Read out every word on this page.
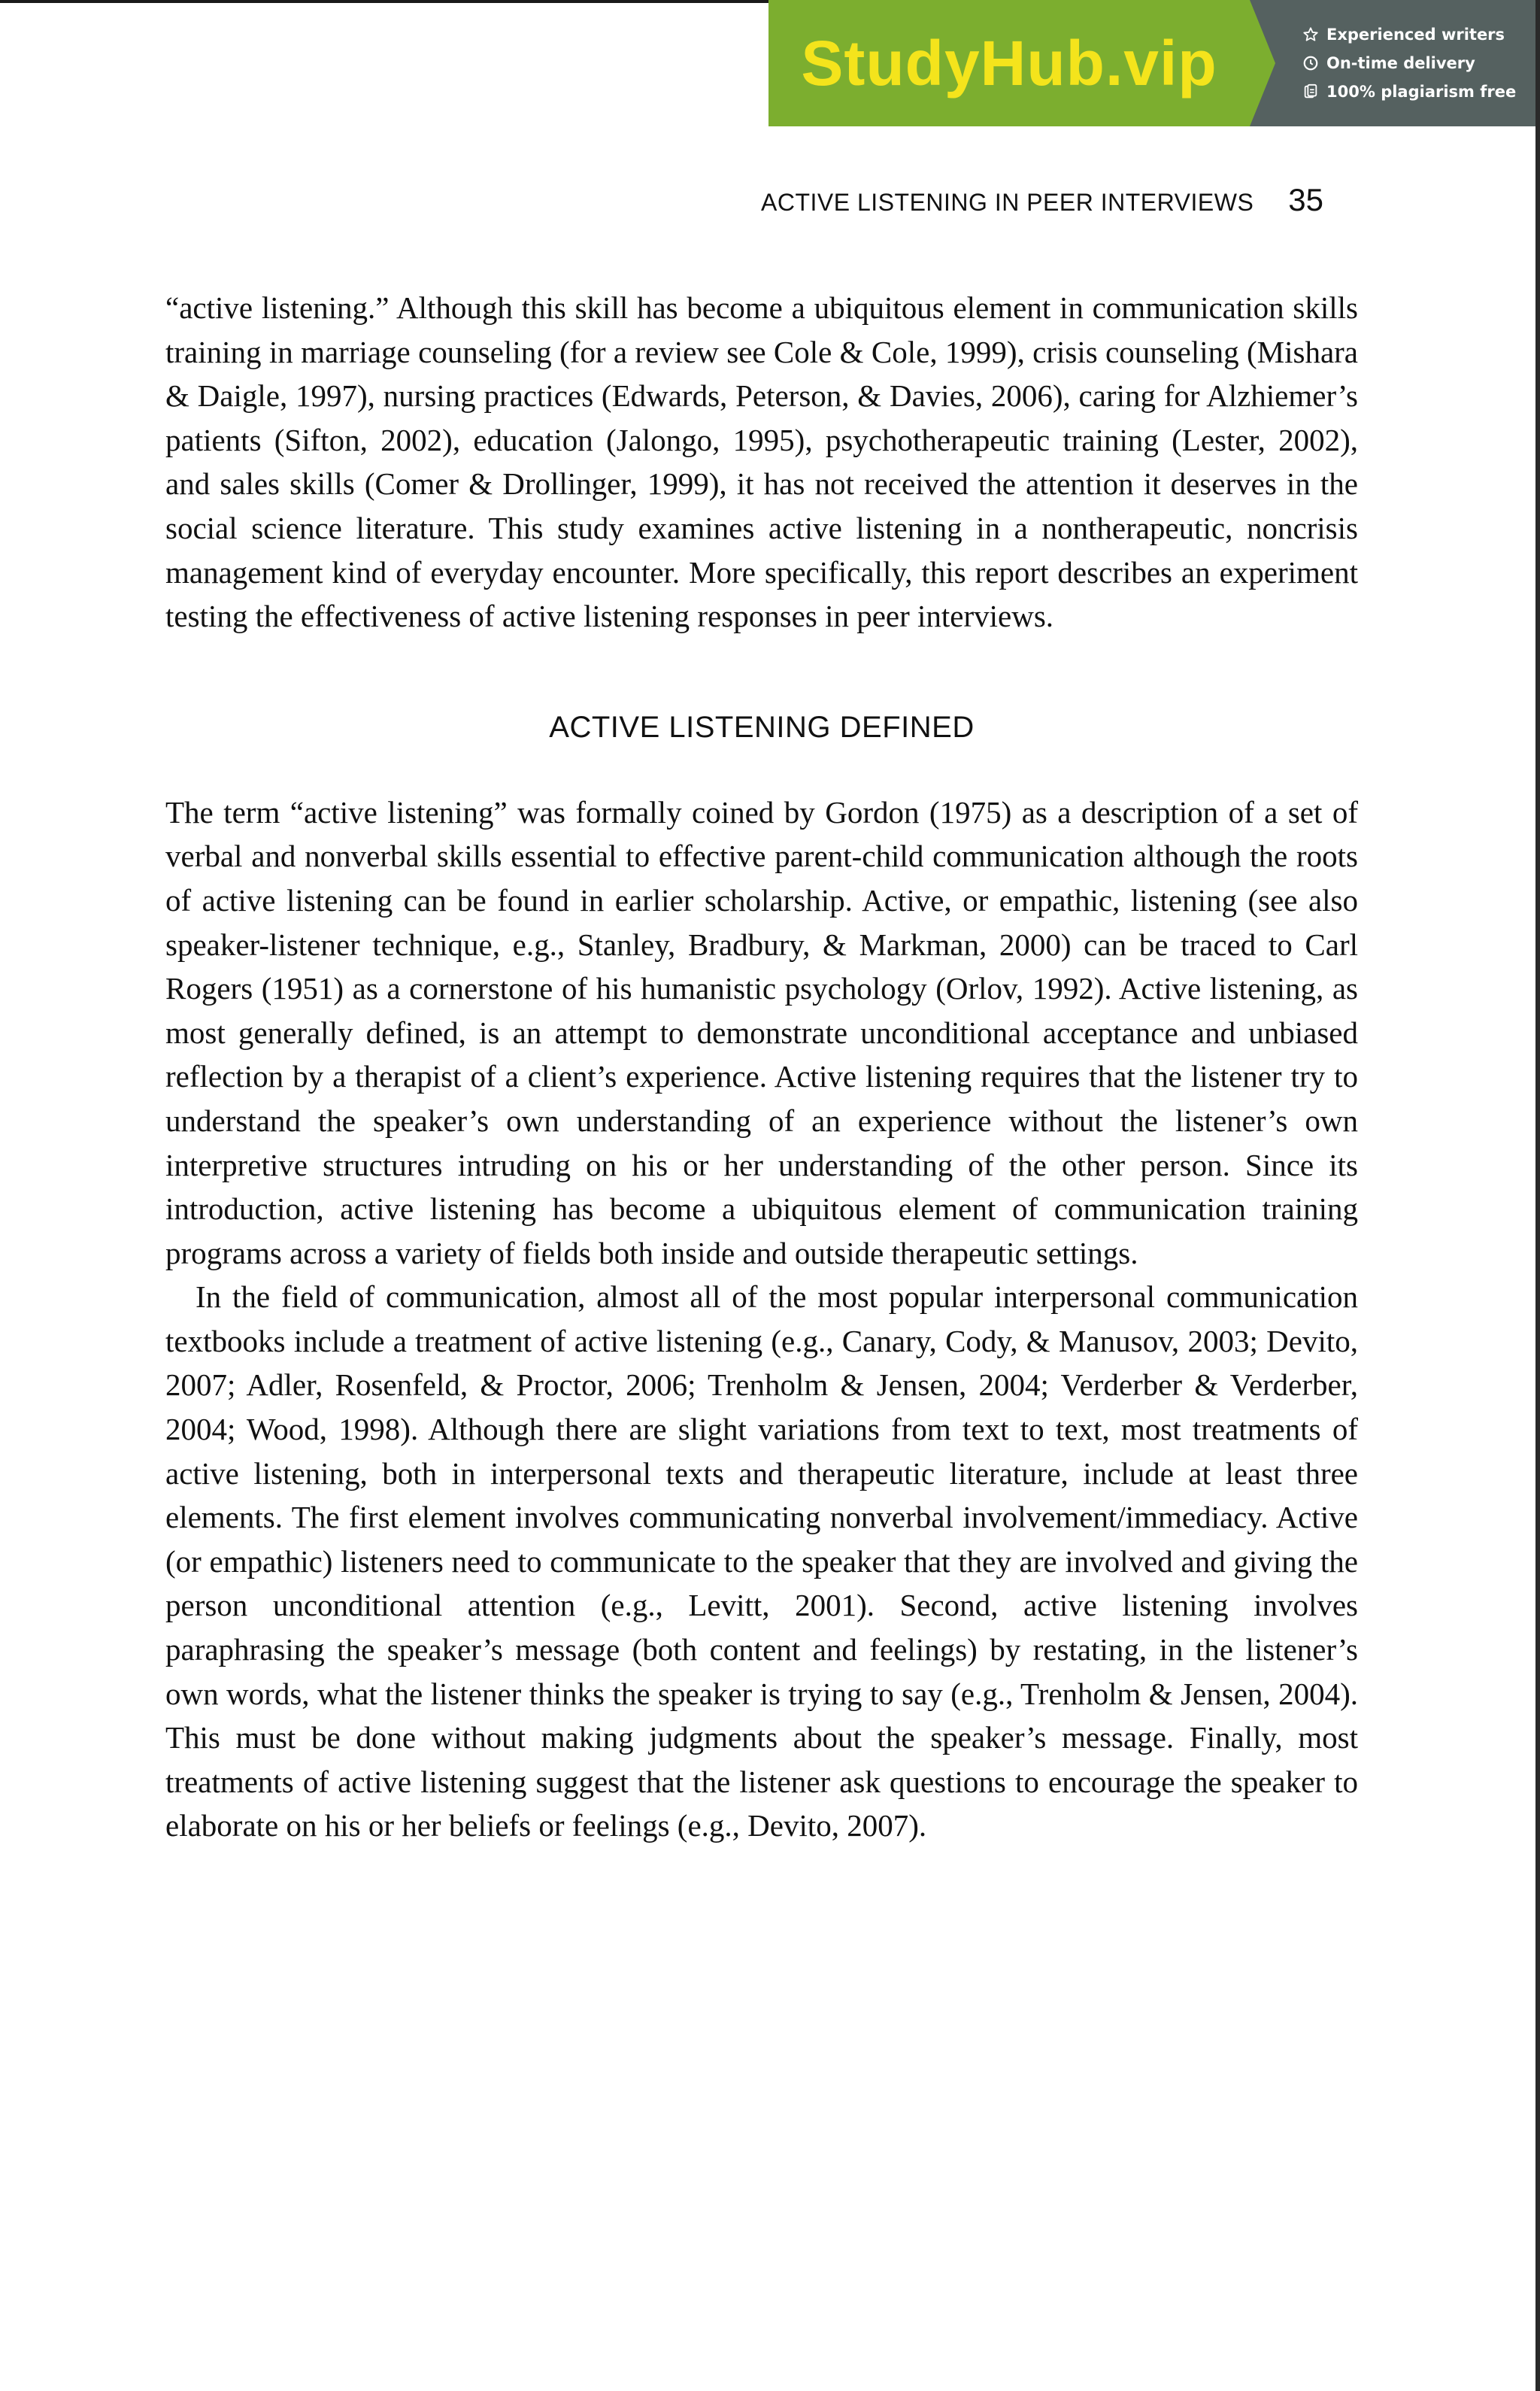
StudyHub.vip	Experienced writers
On-time delivery
100% plagiarism free
ACTIVE LISTENING IN PEER INTERVIEWS 35

“active listening.” Although this skill has become a ubiquitous element in communication skills training in marriage counseling (for a review see Cole & Cole, 1999), crisis counseling (Mishara & Daigle, 1997), nursing practices (Edwards, Peterson, & Davies, 2006), caring for Alzhiemer’s patients (Sifton, 2002), education (Jalongo, 1995), psychotherapeutic training (Lester, 2002), and sales skills (Comer & Drollinger, 1999), it has not received the attention it deserves in the social science literature. This study examines active listening in a nontherapeutic, noncrisis management kind of everyday encounter. More specifically, this report describes an experiment testing the effectiveness of active listening responses in peer interviews.

ACTIVE LISTENING DEFINED

The term “active listening” was formally coined by Gordon (1975) as a description of a set of verbal and nonverbal skills essential to effective parent-child communication although the roots of active listening can be found in earlier scholarship. Active, or empathic, listening (see also speaker-listener technique, e.g., Stanley, Bradbury, & Markman, 2000) can be traced to Carl Rogers (1951) as a cornerstone of his humanistic psychology (Orlov, 1992). Active listening, as most generally defined, is an attempt to demonstrate unconditional acceptance and unbiased reflection by a therapist of a client’s experience. Active listening requires that the listener try to understand the speaker’s own understanding of an experience without the listener’s own interpretive structures intruding on his or her understanding of the other person. Since its introduction, active listening has become a ubiquitous element of communication training programs across a variety of fields both inside and outside therapeutic settings.

In the field of communication, almost all of the most popular interpersonal communication textbooks include a treatment of active listening (e.g., Canary, Cody, & Manusov, 2003; Devito, 2007; Adler, Rosenfeld, & Proctor, 2006; Trenholm & Jensen, 2004; Verderber & Verderber, 2004; Wood, 1998). Although there are slight variations from text to text, most treatments of active listening, both in interpersonal texts and therapeutic literature, include at least three elements. The first element involves communicating nonverbal involvement/immediacy. Active (or empathic) listeners need to communicate to the speaker that they are involved and giving the person unconditional attention (e.g., Levitt, 2001). Second, active listening involves paraphrasing the speaker’s message (both content and feelings) by restating, in the listener’s own words, what the listener thinks the speaker is trying to say (e.g., Trenholm & Jensen, 2004). This must be done without making judgments about the speaker’s message. Finally, most treatments of active listening suggest that the listener ask questions to encourage the speaker to elaborate on his or her beliefs or feelings (e.g., Devito, 2007).
